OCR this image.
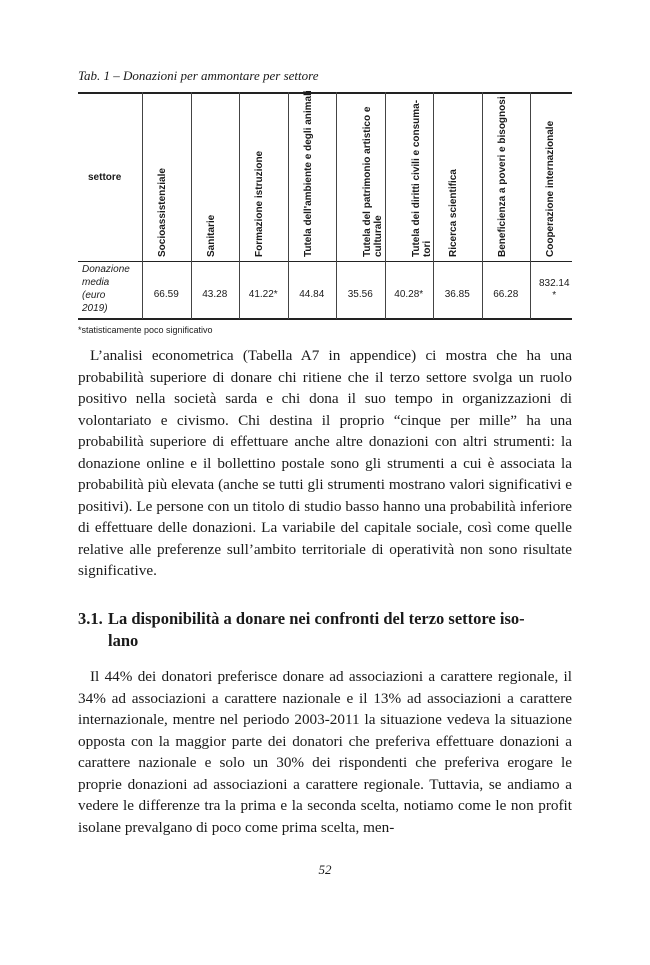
Tab. 1 – Donazioni per ammontare per settore
settore
Donazione
media
(euro
2019)
Socioassistenziale
66.59
Sanitarie
43.28
Formazione istruzione
41.22*
Tutela dell'ambiente e degli animali
44.84
Tutela del patrimonio artistico e culturale
35.56
Tutela dei diritti civili e consuma- tori
40.28*
Ricerca scientifica
36.85
Beneficienza a poveri e bisognosi
66.28
Cooperazione internazionale
832.14
*
*statisticamente poco significativo

L’analisi econometrica (Tabella A7 in appendice) ci mostra che ha una probabilità superiore di donare chi ritiene che il terzo settore svolga un ruolo positivo nella società sarda e chi dona il suo tempo in organizzazioni di volontariato e civismo. Chi destina il proprio “cinque per mille” ha una probabilità superiore di effettuare anche altre donazioni con altri strumenti: la donazione online e il bollettino postale sono gli strumenti a cui è associata la probabilità più elevata (anche se tutti gli strumenti mostrano valori significativi e positivi). Le persone con un titolo di studio basso hanno una probabilità inferiore di effettuare delle donazioni. La variabile del capitale sociale, così come quelle relative alle preferenze sull’ambito territoriale di operatività non sono risultate significative.

3.1. La disponibilità a donare nei confronti del terzo settore iso-
lano

Il 44% dei donatori preferisce donare ad associazioni a carattere regionale, il 34% ad associazioni a carattere nazionale e il 13% ad associazioni a carattere internazionale, mentre nel periodo 2003-2011 la situazione vedeva la situazione opposta con la maggior parte dei donatori che preferiva effettuare donazioni a carattere nazionale e solo un 30% dei rispondenti che preferiva erogare le proprie donazioni ad associazioni a carattere regionale. Tuttavia, se andiamo a vedere le differenze tra la prima e la seconda scelta, notiamo come le non profit isolane prevalgano di poco come prima scelta, men-

52
